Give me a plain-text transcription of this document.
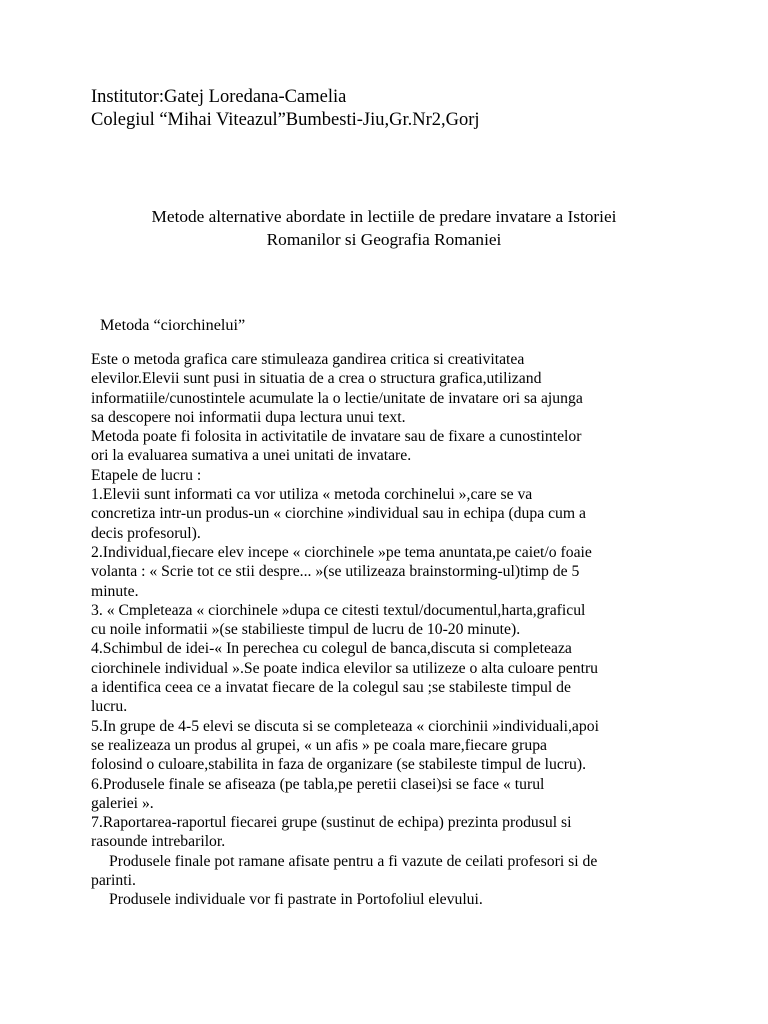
Institutor:Gatej Loredana-Camelia
Colegiul “Mihai Viteazul”Bumbesti-Jiu,Gr.Nr2,Gorj
Metode alternative abordate in lectiile de predare invatare a Istoriei
Romanilor si Geografia Romaniei
Metoda “ciorchinelui”
Este o metoda grafica care stimuleaza gandirea critica si creativitatea
elevilor.Elevii sunt pusi in situatia de a crea o structura grafica,utilizand
informatiile/cunostintele acumulate la o lectie/unitate de invatare ori sa ajunga
sa descopere noi informatii dupa lectura unui text.
Metoda poate fi folosita in activitatile de invatare sau de fixare a cunostintelor
ori la evaluarea sumativa a unei unitati de invatare.
Etapele de lucru :
1.Elevii sunt informati ca vor utiliza « metoda corchinelui »,care se va
concretiza intr-un produs-un « ciorchine »individual sau in echipa (dupa cum a
decis profesorul).
2.Individual,fiecare elev incepe « ciorchinele »pe tema anuntata,pe caiet/o foaie
volanta : « Scrie tot ce stii despre... »(se utilizeaza brainstorming-ul)timp de 5
minute.
3. « Cmpleteaza « ciorchinele »dupa ce citesti textul/documentul,harta,graficul
cu noile informatii »(se stabilieste timpul de lucru de 10-20 minute).
4.Schimbul de idei-« In perechea cu colegul de banca,discuta si completeaza
ciorchinele individual ».Se poate indica elevilor sa utilizeze o alta culoare pentru
a identifica ceea ce a invatat fiecare de la colegul sau ;se stabileste timpul de
lucru.
5.In grupe de 4-5 elevi se discuta si se completeaza « ciorchinii »individuali,apoi
se realizeaza un produs al grupei, « un afis » pe coala mare,fiecare grupa
folosind o culoare,stabilita in faza de organizare (se stabileste timpul de lucru).
6.Produsele finale se afiseaza (pe tabla,pe peretii clasei)si se face « turul
galeriei ».
7.Raportarea-raportul fiecarei grupe (sustinut de echipa) prezinta produsul si
rasounde intrebarilor.
Produsele finale pot ramane afisate pentru a fi vazute de ceilati profesori si de
parinti.
Produsele individuale vor fi pastrate in Portofoliul elevului.
